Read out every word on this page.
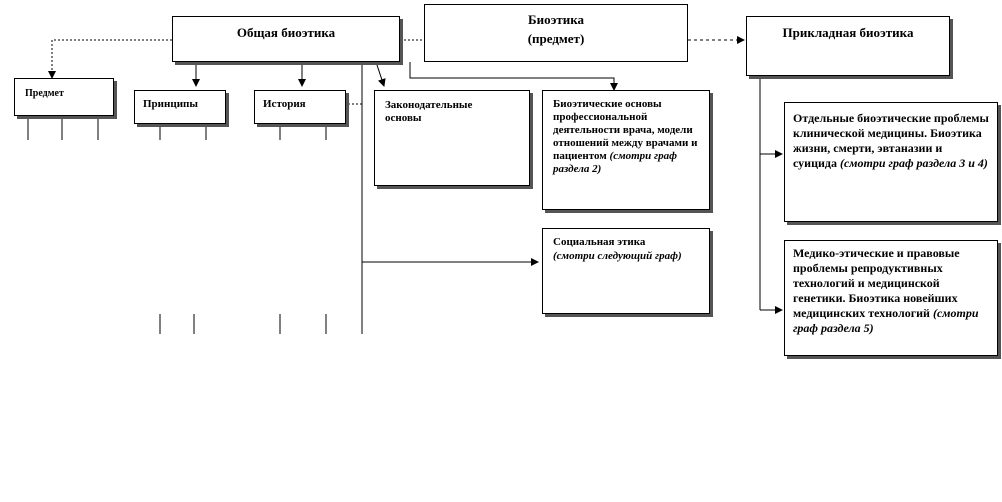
Общая биоэтика
Биоэтика
(предмет)	Прикладная биоэтика
Предмет
Принципы	История	Законодательные основы
Биоэтические основы профессиональной деятельности врача, модели отношений между врачами и пациентом (смотри граф раздела 2)
Социальная этика
(смотри следующий граф)
Отдельные биоэтические проблемы клинической медицины. Биоэтика жизни, смерти, эвтаназии и суицида (смотри граф раздела 3 и 4)
Медико-этические и правовые проблемы репродуктивных технологий и медицинской генетики. Биоэтика новейших медицинских технологий (смотри граф раздела 5)
